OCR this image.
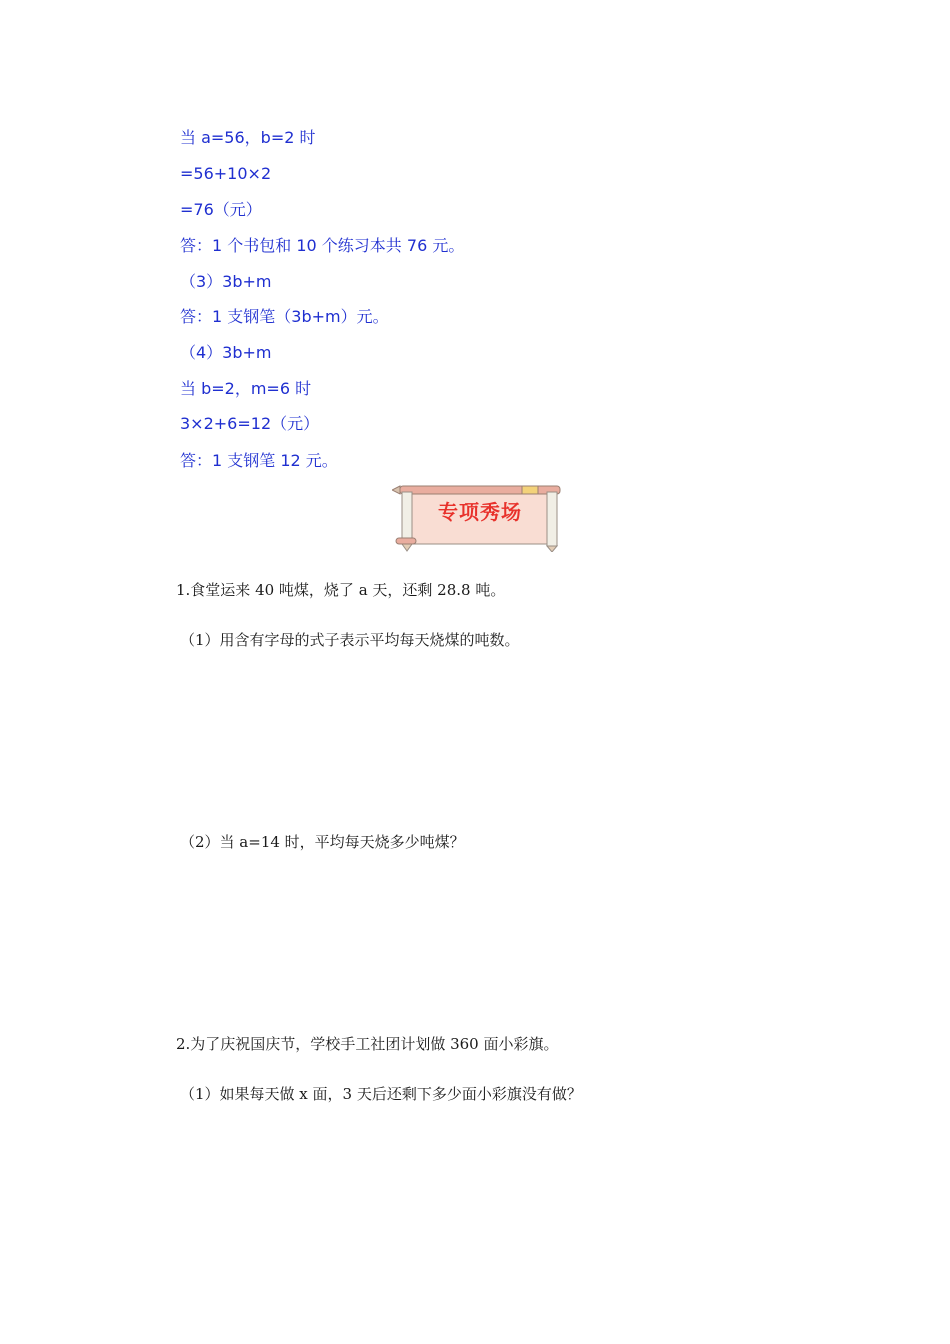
当 a=56，b=2 时
=56+10×2
=76（元）
答：1 个书包和 10 个练习本共 76 元。
（3）3b+m
答：1 支钢笔（3b+m）元。
（4）3b+m
当 b=2，m=6 时
3×2+6=12（元）
答：1 支钢笔 12 元。
专项秀场
1.食堂运来 40 吨煤，烧了 a 天，还剩 28.8 吨。
（1）用含有字母的式子表示平均每天烧煤的吨数。
（2）当 a=14 时，平均每天烧多少吨煤？
2.为了庆祝国庆节，学校手工社团计划做 360 面小彩旗。
（1）如果每天做 x 面，3 天后还剩下多少面小彩旗没有做？
